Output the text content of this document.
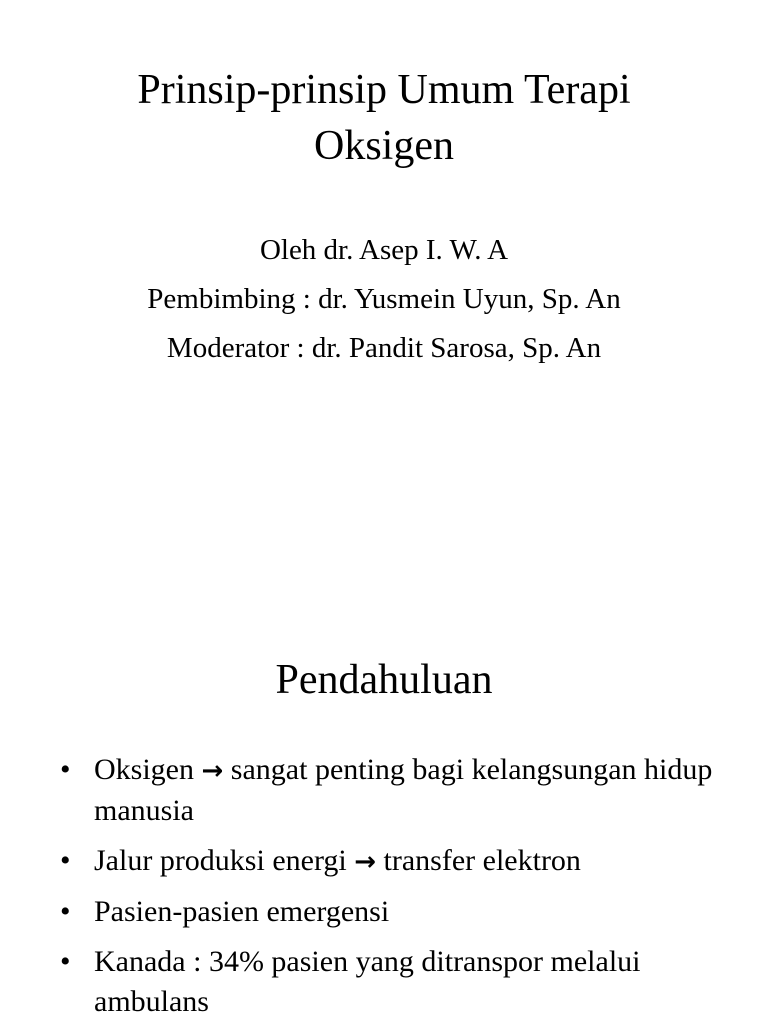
Prinsip-prinsip Umum Terapi
Oksigen
Oleh dr. Asep I. W. A
Pembimbing : dr. Yusmein Uyun, Sp. An
Moderator : dr. Pandit Sarosa, Sp. An
Pendahuluan
• Oksigen → sangat penting bagi kelangsungan hidup manusia
• Jalur produksi energi → transfer elektron
• Pasien-pasien emergensi
• Kanada : 34% pasien yang ditranspor melalui ambulans
